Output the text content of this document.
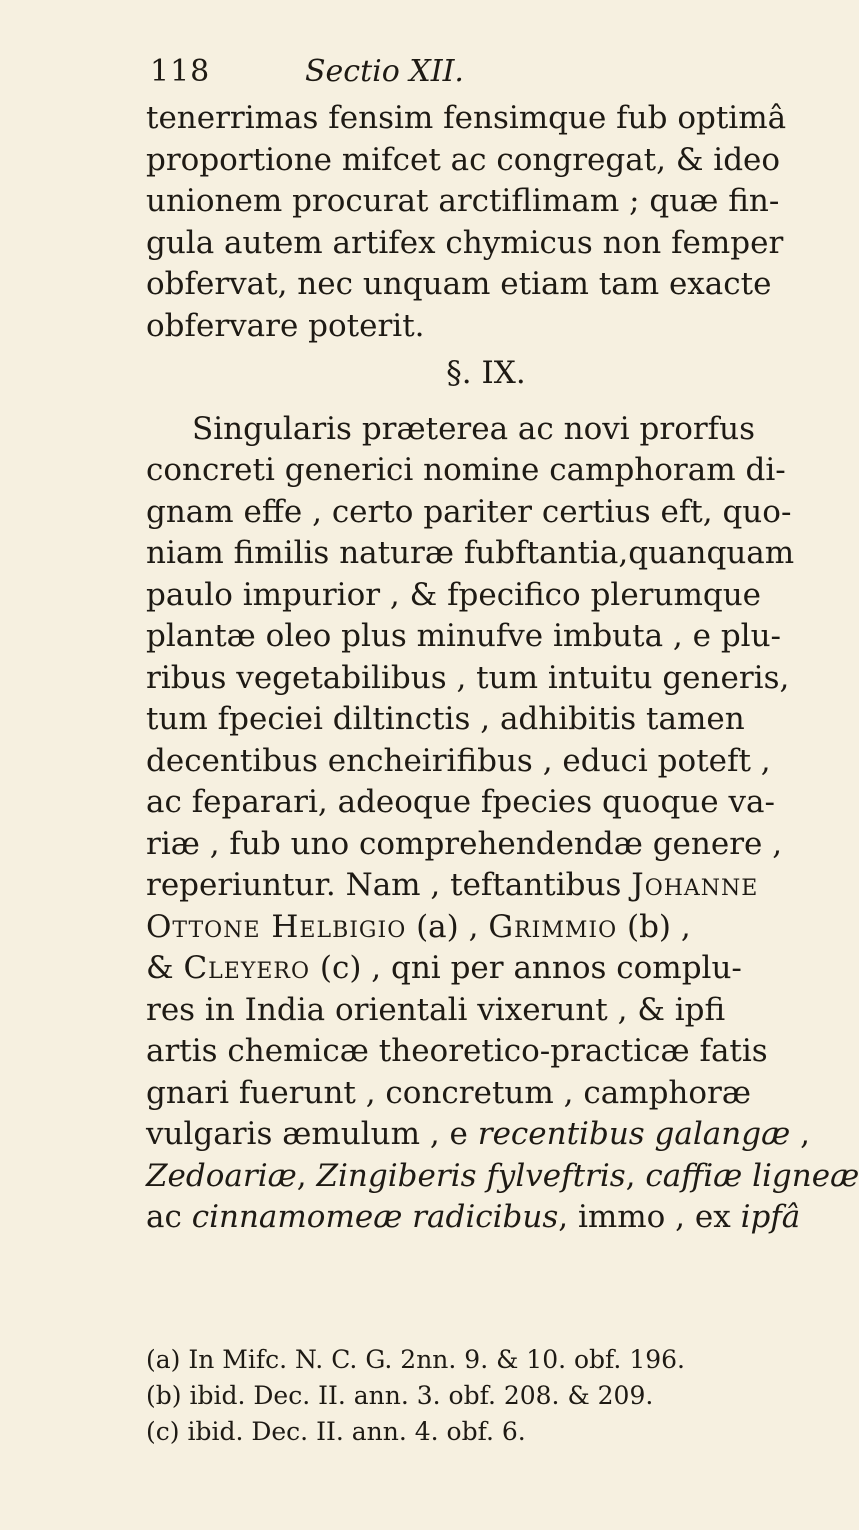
118	Sectio XII.
tenerrimas fensim fensimque fub optimâ
proportione mifcet ac congregat, & ideo
unionem procurat arctiflimam ; quæ fin-
gula autem artifex chymicus non femper
obfervat, nec unquam etiam tam exacte
obfervare poterit.
§. IX.
Singularis præterea ac novi prorfus
concreti generici nomine camphoram di-
gnam effe , certo pariter certius eft, quo-
niam fimilis naturæ fubftantia,quanquam
paulo impurior , & fpecifico plerumque
plantæ oleo plus minufve imbuta , e plu-
ribus vegetabilibus , tum intuitu generis,
tum fpeciei diltinctis , adhibitis tamen
decentibus encheirifibus , educi poteft ,
ac feparari, adeoque fpecies quoque va-
riæ , fub uno comprehendendæ genere ,
reperiuntur. Nam , teftantibus Johanne
Ottone Helbigio (a) , Grimmio (b) ,
& Cleyero (c) , qni per annos complu-
res in India orientali vixerunt , & ipfi
artis chemicæ theoretico-practicæ fatis
gnari fuerunt , concretum , camphoræ
vulgaris æmulum , e recentibus galangæ ,
Zedoariæ, Zingiberis fylveftris, caffiæ ligneæ
ac cinnamomeæ radicibus, immo , ex ipfâ
(a) In Mifc. N. C. G. 2nn. 9. & 10. obf. 196.
(b) ibid. Dec. II. ann. 3. obf. 208. & 209.
(c) ibid. Dec. II. ann. 4. obf. 6.
